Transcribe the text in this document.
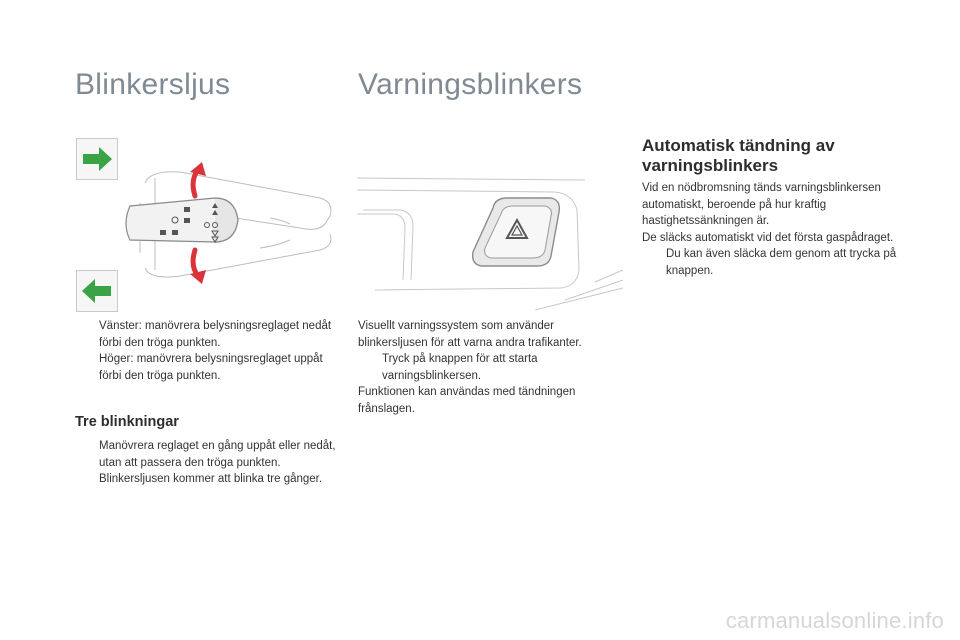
Blinkersljus
Vänster: manövrera belysningsreglaget nedåt förbi den tröga punkten.
Höger: manövrera belysningsreglaget uppåt förbi den tröga punkten.
Tre blinkningar
Manövrera reglaget en gång uppåt eller nedåt, utan att passera den tröga punkten. Blinkersljusen kommer att blinka tre gånger.
Varningsblinkers

Visuellt varningssystem som använder blinkersljusen för att varna andra trafikanter.

Tryck på knappen för att starta varningsblinkersen.

Funktionen kan användas med tändningen frånslagen.

Automatisk tändning av varningsblinkers

Vid en nödbromsning tänds varningsblinkersen automatiskt, beroende på hur kraftig hastighetssänkningen är.

De släcks automatiskt vid det första gaspådraget.

Du kan även släcka dem genom att trycka på knappen.
carmanualsonline.info
